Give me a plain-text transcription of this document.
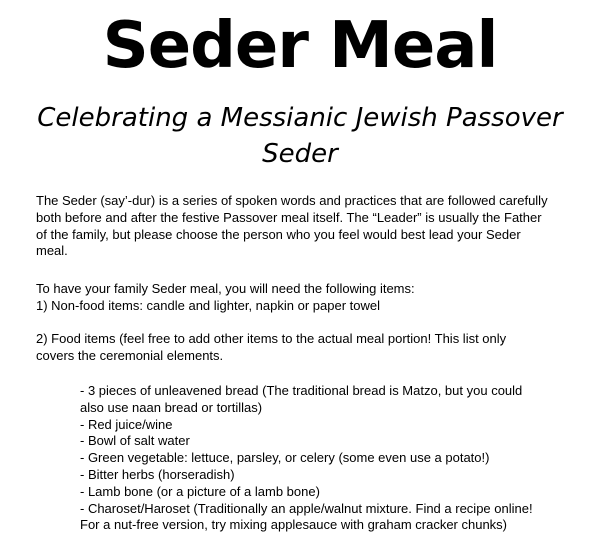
Seder Meal
Celebrating a Messianic Jewish Passover
Seder

The Seder (say’-dur) is a series of spoken words and practices that are followed carefully
both before and after the festive Passover meal itself. The “Leader” is usually the Father
of the family, but please choose the person who you feel would best lead your Seder
meal.

To have your family Seder meal, you will need the following items:
1) Non-food items: candle and lighter, napkin or paper towel

2) Food items (feel free to add other items to the actual meal portion! This list only
covers the ceremonial elements.

- 3 pieces of unleavened bread (The traditional bread is Matzo, but you could
also use naan bread or tortillas)
- Red juice/wine
- Bowl of salt water
- Green vegetable: lettuce, parsley, or celery (some even use a potato!)
- Bitter herbs (horseradish)
- Lamb bone (or a picture of a lamb bone)
- Charoset/Haroset (Traditionally an apple/walnut mixture. Find a recipe online!
For a nut-free version, try mixing applesauce with graham cracker chunks)
